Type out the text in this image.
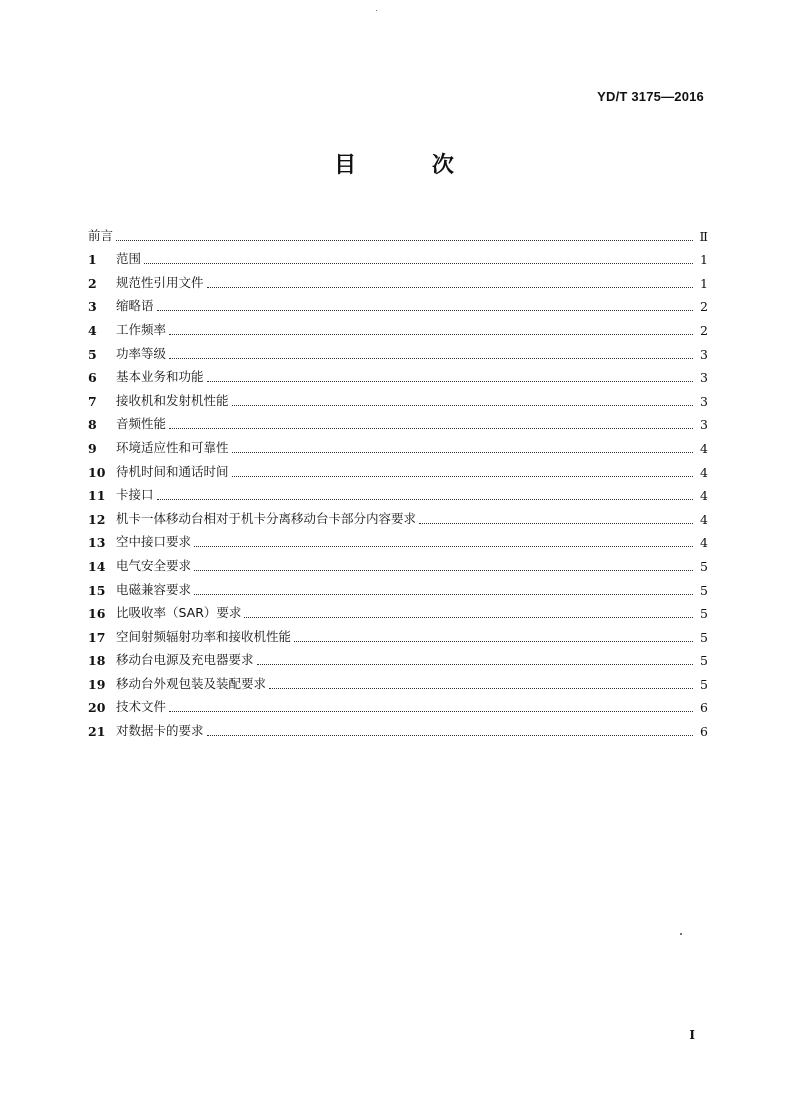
YD/T 3175—2016
目 次
前言	Ⅱ
1	范围	1
2	规范性引用文件	1
3	缩略语	2
4	工作频率	2
5	功率等级	3
6	基本业务和功能	3
7	接收机和发射机性能	3
8	音频性能	3
9	环境适应性和可靠性	4
10 待机时间和通话时间	4
11 卡接口	4
12 机卡一体移动台相对于机卡分离移动台卡部分内容要求	4
13 空中接口要求	4
14 电气安全要求	5
15 电磁兼容要求	5
16 比吸收率（SAR）要求	5
17 空间射频辐射功率和接收机性能	5
18 移动台电源及充电器要求	5
19 移动台外观包装及装配要求	5
20 技术文件	6
21 对数据卡的要求	6
I
